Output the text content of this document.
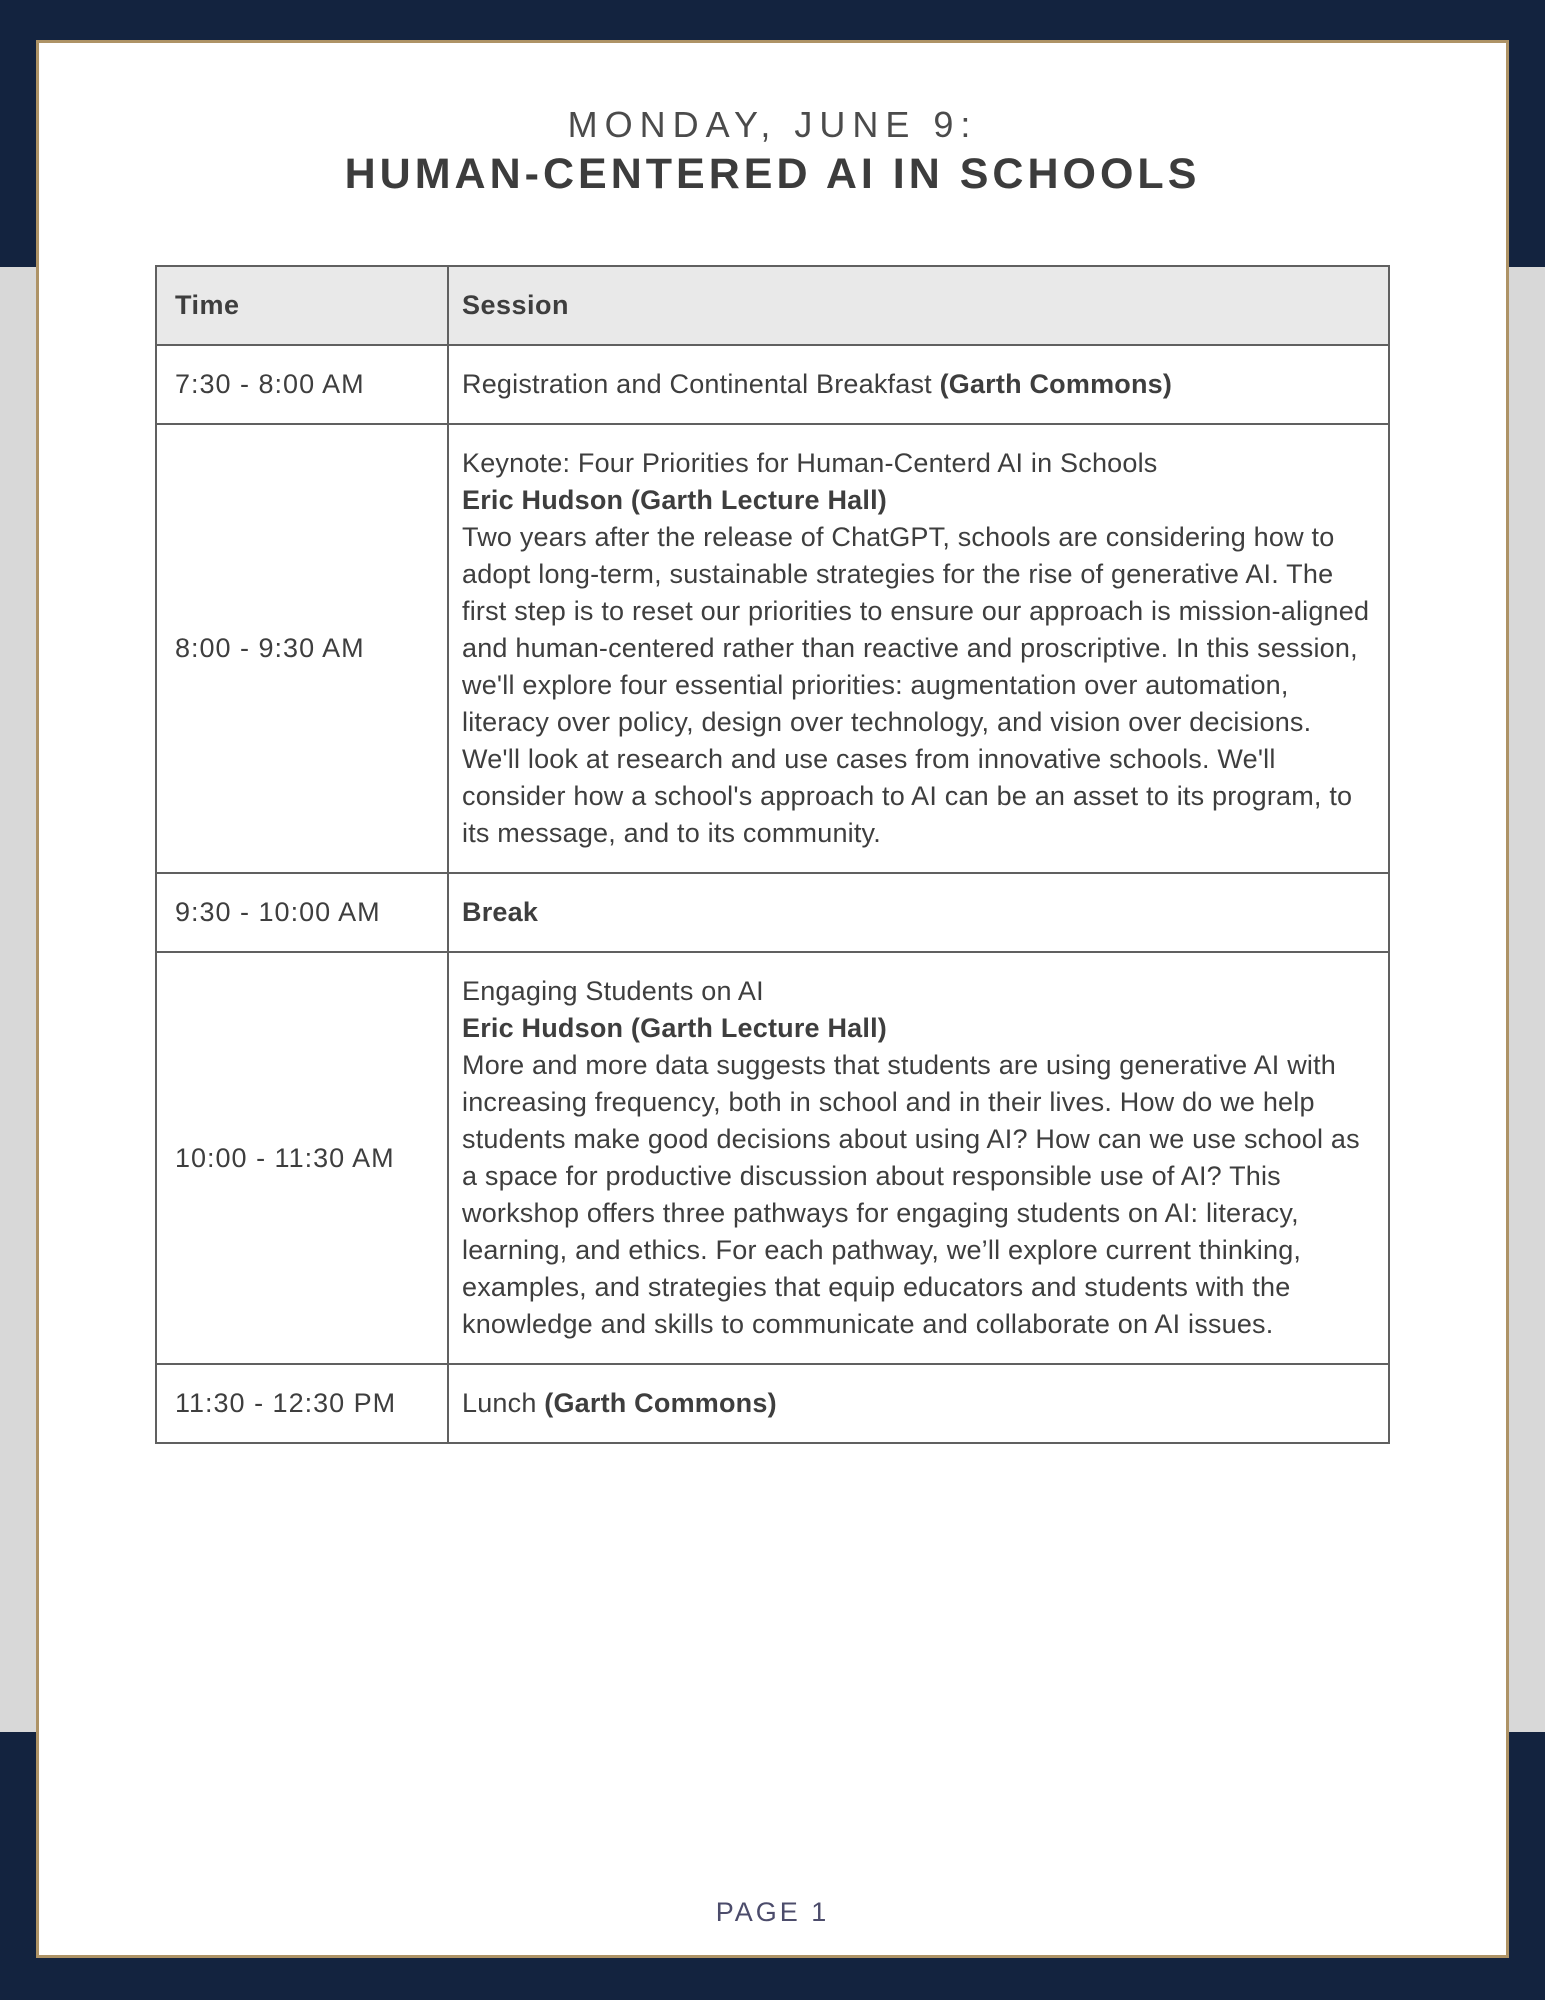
MONDAY, JUNE 9:
HUMAN-CENTERED AI IN SCHOOLS
Time	Session
7:30 - 8:00 AM	Registration and Continental Breakfast (Garth Commons)
8:00 - 9:30 AM	Keynote: Four Priorities for Human-Centerd AI in Schools
Eric Hudson (Garth Lecture Hall)
Two years after the release of ChatGPT, schools are considering how to adopt long-term, sustainable strategies for the rise of generative AI. The first step is to reset our priorities to ensure our approach is mission-aligned and human-centered rather than reactive and proscriptive. In this session, we'll explore four essential priorities: augmentation over automation, literacy over policy, design over technology, and vision over decisions. We'll look at research and use cases from innovative schools. We'll consider how a school's approach to AI can be an asset to its program, to its message, and to its community.

9:30 - 10:00 AM	Break
10:00 - 11:30 AM	Engaging Students on AI
Eric Hudson (Garth Lecture Hall)
More and more data suggests that students are using generative AI with increasing frequency, both in school and in their lives. How do we help students make good decisions about using AI? How can we use school as a space for productive discussion about responsible use of AI? This workshop offers three pathways for engaging students on AI: literacy, learning, and ethics. For each pathway, we’ll explore current thinking, examples, and strategies that equip educators and students with the knowledge and skills to communicate and collaborate on AI issues.

11:30 - 12:30 PM	Lunch (Garth Commons)
PAGE 1
